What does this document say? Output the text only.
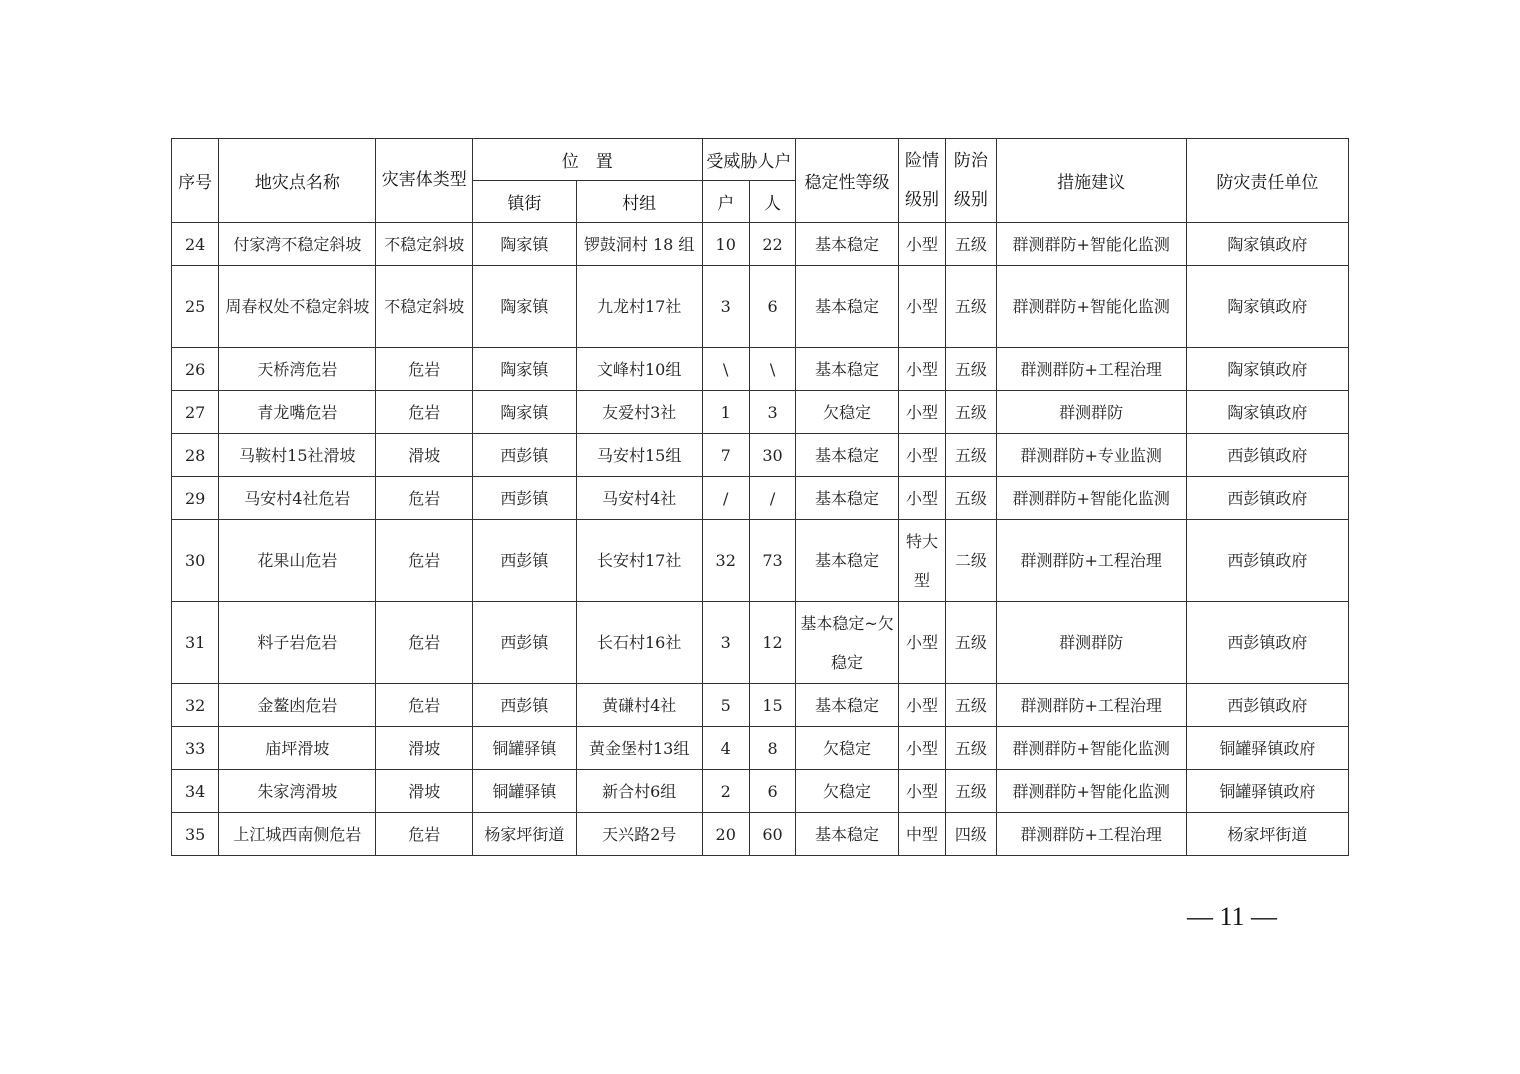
序号	地灾点名称	灾害体类型	位　置		受威胁人户		稳定性等级	险情级别	防治级别	措施建议	防灾责任单位
			镇街	村组	户	人					
24	付家湾不稳定斜坡	不稳定斜坡	陶家镇	锣鼓洞村 18 组	10	22	基本稳定	小型	五级	群测群防+智能化监测	陶家镇政府
25	周春权处不稳定斜坡	不稳定斜坡	陶家镇	九龙村17社	3	6	基本稳定	小型	五级	群测群防+智能化监测	陶家镇政府
26	天桥湾危岩	危岩	陶家镇	文峰村10组	\	\	基本稳定	小型	五级	群测群防+工程治理	陶家镇政府
27	青龙嘴危岩	危岩	陶家镇	友爱村3社	1	3	欠稳定	小型	五级	群测群防	陶家镇政府
28	马鞍村15社滑坡	滑坡	西彭镇	马安村15组	7	30	基本稳定	小型	五级	群测群防+专业监测	西彭镇政府
29	马安村4社危岩	危岩	西彭镇	马安村4社	/	/	基本稳定	小型	五级	群测群防+智能化监测	西彭镇政府
30	花果山危岩	危岩	西彭镇	长安村17社	32	73	基本稳定	特大型	二级	群测群防+工程治理	西彭镇政府
31	料子岩危岩	危岩	西彭镇	长石村16社	3	12	基本稳定~欠稳定	小型	五级	群测群防	西彭镇政府
32	金鳌凼危岩	危岩	西彭镇	黄磏村4社	5	15	基本稳定	小型	五级	群测群防+工程治理	西彭镇政府
33	庙坪滑坡	滑坡	铜罐驿镇	黄金堡村13组	4	8	欠稳定	小型	五级	群测群防+智能化监测	铜罐驿镇政府
34	朱家湾滑坡	滑坡	铜罐驿镇	新合村6组	2	6	欠稳定	小型	五级	群测群防+智能化监测	铜罐驿镇政府
35	上江城西南侧危岩	危岩	杨家坪街道	天兴路2号	20	60	基本稳定	中型	四级	群测群防+工程治理	杨家坪街道
— 11 —
